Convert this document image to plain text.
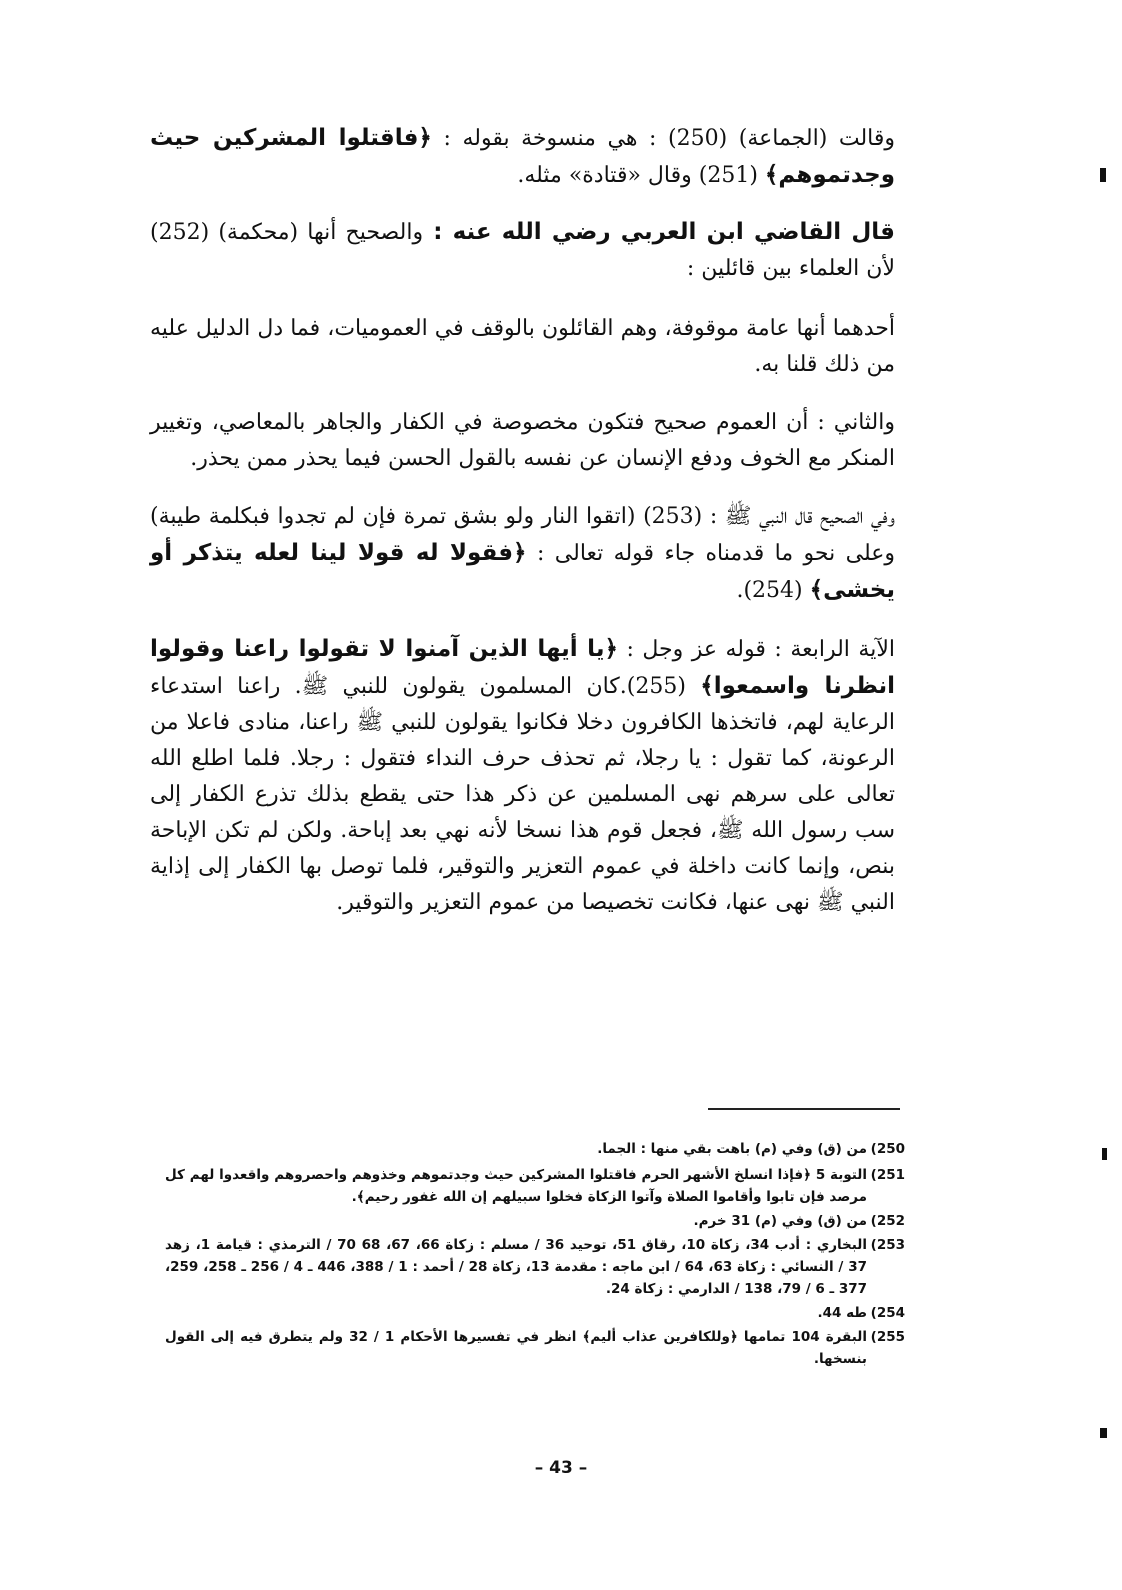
وقالت (الجماعة) (250) : هي منسوخة بقوله : ﴿فاقتلوا المشركين حيث وجدتموهم﴾ (251) وقال «قتادة» مثله.

قال القاضي ابن العربي رضي الله عنه : والصحيح أنها (محكمة) (252) لأن العلماء بين قائلين :

أحدهما أنها عامة موقوفة، وهم القائلون بالوقف في العموميات، فما دل الدليل عليه من ذلك قلنا به.

والثاني : أن العموم صحيح فتكون مخصوصة في الكفار والجاهر بالمعاصي، وتغيير المنكر مع الخوف ودفع الإنسان عن نفسه بالقول الحسن فيما يحذر ممن يحذر.

وفي الصحيح قال النبي ﷺ : (253) (اتقوا النار ولو بشق تمرة فإن لم تجدوا فبكلمة طيبة) وعلى نحو ما قدمناه جاء قوله تعالى : ﴿فقولا له قولا لينا لعله يتذكر أو يخشى﴾ (254).

الآية الرابعة : قوله عز وجل : ﴿يا أيها الذين آمنوا لا تقولوا راعنا وقولوا انظرنا واسمعوا﴾ (255).كان المسلمون يقولون للنبي ﷺ. راعنا استدعاء الرعاية لهم، فاتخذها الكافرون دخلا فكانوا يقولون للنبي ﷺ راعنا، منادى فاعلا من الرعونة، كما تقول : يا رجلا، ثم تحذف حرف النداء فتقول : رجلا. فلما اطلع الله تعالى على سرهم نهى المسلمين عن ذكر هذا حتى يقطع بذلك تذرع الكفار إلى سب رسول الله ﷺ، فجعل قوم هذا نسخا لأنه نهي بعد إباحة. ولكن لم تكن الإباحة بنص، وإنما كانت داخلة في عموم التعزير والتوقير، فلما توصل بها الكفار إلى إذاية النبي ﷺ نهى عنها، فكانت تخصيصا من عموم التعزير والتوقير.

250)
من (ق) وفي (م) باهت بقي منها : الجما.
251)
التوبة 5 ﴿فإذا انسلخ الأشهر الحرم فاقتلوا المشركين حيث وجدتموهم وخذوهم واحصروهم واقعدوا لهم كل مرصد فإن تابوا وأقاموا الصلاة وآتوا الزكاة فخلوا سبيلهم إن الله غفور رحيم﴾.
252)
من (ق) وفي (م) 31 خرم.
253)
البخاري : أدب 34، زكاة 10، رقاق 51، توحيد 36 / مسلم : زكاة 66، 67، 68 70 / الترمذي : قيامة 1، زهد 37 / النسائي : زكاة 63، 64 / ابن ماجه : مقدمة 13، زكاة 28 / أحمد : 1 / 388، 446 ـ 4 / 256 ـ 258، 259، 377 ـ 6 / 79، 138 / الدارمي : زكاة 24.
254)
طه 44.
255)
البقرة 104 تمامها ﴿وللكافرين عذاب أليم﴾ انظر في تفسيرها الأحكام 1 / 32 ولم يتطرق فيه إلى القول بنسخها.
– 43 –
